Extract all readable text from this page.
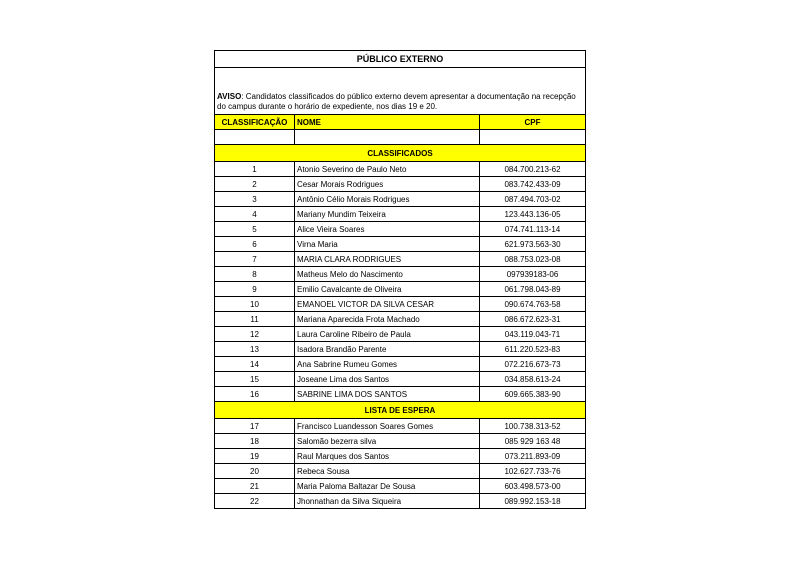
PÚBLICO EXTERNO		
AVISO: Candidatos classificados do público externo devem apresentar a documentação na recepção do campus durante o horário de expediente, nos dias 19 e 20.		
CLASSIFICAÇÃO	NOME	CPF

CLASSIFICADOS		
1	Atonio Severino de Paulo Neto	084.700.213-62
2	Cesar Morais Rodrigues	083.742.433-09
3	Antônio Célio Morais Rodrigues	087.494.703-02
4	Mariany Mundim Teixeira	123.443.136-05
5	Alice Vieira Soares	074.741.113-14
6	Virna Maria	621.973.563-30
7	MARIA CLARA RODRIGUES	088.753.023-08
8	Matheus Melo do Nascimento	097939183-06
9	Emilio Cavalcante de Oliveira	061.798.043-89
10	EMANOEL VICTOR DA SILVA CESAR	090.674.763-58
11	Mariana Aparecida Frota Machado	086.672.623-31
12	Laura Caroline Ribeiro de Paula	043.119.043-71
13	Isadora Brandão Parente	611.220.523-83
14	Ana Sabrine Rumeu Gomes	072.216.673-73
15	Joseane Lima dos Santos	034.858.613-24
16	SABRINE LIMA DOS SANTOS	609.665.383-90
LISTA DE ESPERA		
17	Francisco Luandesson Soares Gomes	100.738.313-52
18	Salomão bezerra silva	085 929 163 48
19	Raul Marques dos Santos	073.211.893-09
20	Rebeca Sousa	102.627.733-76
21	Maria Paloma Baltazar De Sousa	603.498.573-00
22	Jhonnathan da Silva Siqueira	089.992.153-18
